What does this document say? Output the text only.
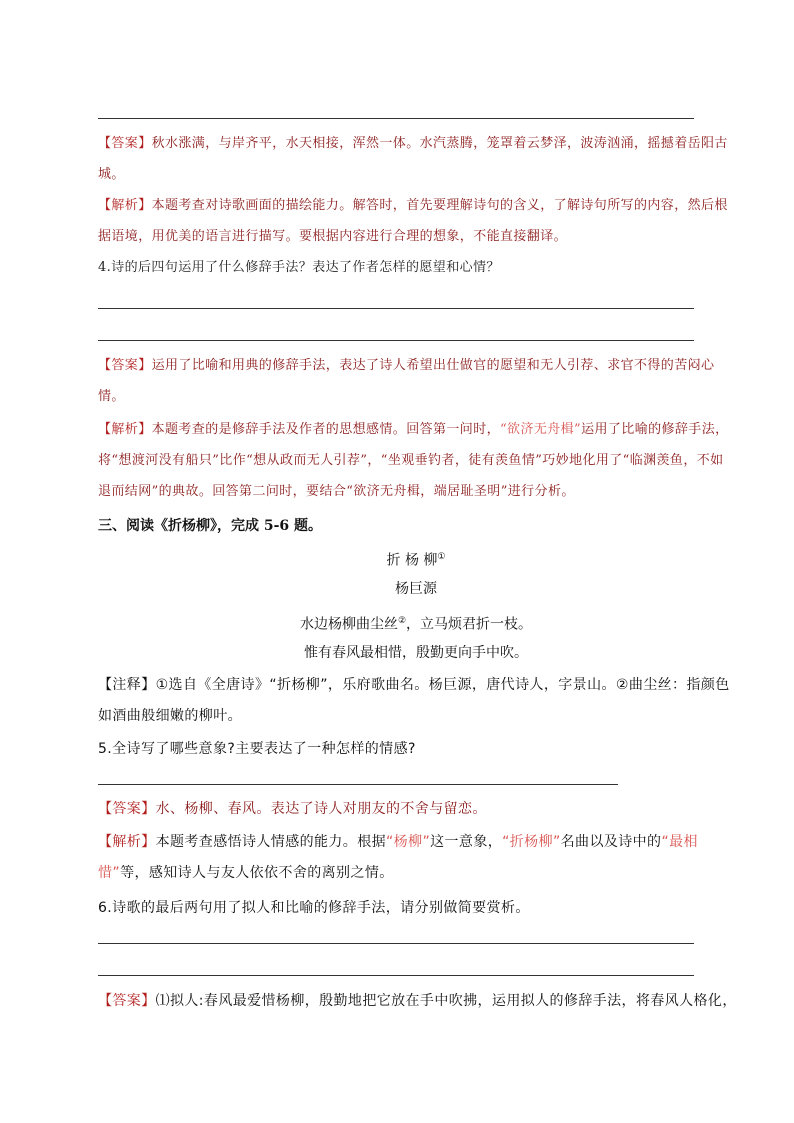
【答案】秋水涨满，与岸齐平，水天相接，浑然一体。水汽蒸腾，笼罩着云梦泽，波涛汹涌，摇撼着岳阳古城。

【解析】本题考查对诗歌画面的描绘能力。解答时，首先要理解诗句的含义，了解诗句所写的内容，然后根据语境，用优美的语言进行描写。要根据内容进行合理的想象，不能直接翻译。

4.诗的后四句运用了什么修辞手法？表达了作者怎样的愿望和心情？

【答案】运用了比喻和用典的修辞手法，表达了诗人希望出仕做官的愿望和无人引荐、求官不得的苦闷心情。

【解析】本题考查的是修辞手法及作者的思想感情。回答第一问时，“欲济无舟楫”运用了比喻的修辞手法，将“想渡河没有船只”比作“想从政而无人引荐”，“坐观垂钓者，徒有羡鱼情”巧妙地化用了“临渊羡鱼，不如退而结网”的典故。回答第二问时，要结合“欲济无舟楫，端居耻圣明”进行分析。

三、阅读《折杨柳》，完成 5-6 题。

折 杨 柳①

杨巨源

水边杨柳曲尘丝②，立马烦君折一枝。

惟有春风最相惜，殷勤更向手中吹。

【注释】①选自《全唐诗》“折杨柳”，乐府歌曲名。杨巨源，唐代诗人，字景山。②曲尘丝：指颜色如酒曲般细嫩的柳叶。

5.全诗写了哪些意象?主要表达了一种怎样的情感?

【答案】水、杨柳、春风。表达了诗人对朋友的不舍与留恋。

【解析】本题考查感悟诗人情感的能力。根据“杨柳”这一意象，“折杨柳”名曲以及诗中的“最相惜”等，感知诗人与友人依依不舍的离别之情。

6.诗歌的最后两句用了拟人和比喻的修辞手法，请分别做简要赏析。

【答案】⑴拟人:春风最爱惜杨柳，殷勤地把它放在手中吹拂，运用拟人的修辞手法，将春风人格化，
